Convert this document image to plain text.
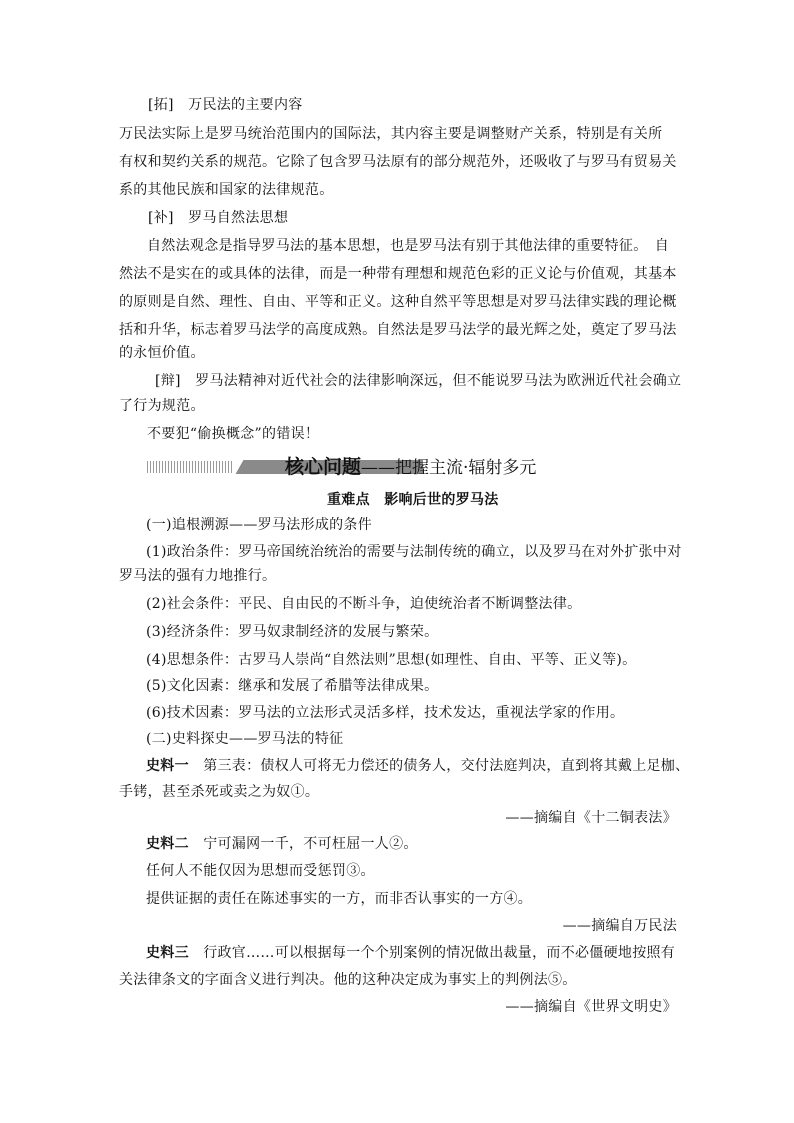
[拓]　 万民法的主要内容

万民法实际上是罗马统治范围内的国际法，其内容主要是调整财产关系，特别是有关所

有权和契约关系的规范。它除了包含罗马法原有的部分规范外，还吸收了与罗马有贸易关

系的其他民族和国家的法律规范。

[补]　 罗马自然法思想

自然法观念是指导罗马法的基本思想，也是罗马法有别于其他法律的重要特征。　自

然法不是实在的或具体的法律，而是一种带有理想和规范色彩的正义论与价值观，其基本

的原则是自然、理性、自由、平等和正义。这种自然平等思想是对罗马法律实践的理论概

括和升华，标志着罗马法学的高度成熟。自然法是罗马法学的最光辉之处，奠定了罗马法

的永恒价值。

[辩]　 罗马法精神对近代社会的法律影响深远，但不能说罗马法为欧洲近代社会确立

了行为规范。

不要犯“偷换概念”的错误！

核心问题——把握主流·辐射多元

重难点　影响后世的罗马法

(一)追根溯源——罗马法形成的条件

(1)政治条件：罗马帝国统治统治的需要与法制传统的确立，以及罗马在对外扩张中对

罗马法的强有力地推行。

(2)社会条件：平民、自由民的不断斗争，迫使统治者不断调整法律。

(3)经济条件：罗马奴隶制经济的发展与繁荣。

(4)思想条件：古罗马人崇尚“自然法则”思想(如理性、自由、平等、正义等)。

(5)文化因素：继承和发展了希腊等法律成果。

(6)技术因素：罗马法的立法形式灵活多样，技术发达，重视法学家的作用。

(二)史料探史——罗马法的特征

史料一　第三表：债权人可将无力偿还的债务人，交付法庭判决，直到将其戴上足枷、

手铐，甚至杀死或卖之为奴①。

——摘编自《十二铜表法》

史料二　宁可漏网一千，不可枉屈一人②。

任何人不能仅因为思想而受惩罚③。

提供证据的责任在陈述事实的一方，而非否认事实的一方④。

——摘编自万民法

史料三　行政官……可以根据每一个个别案例的情况做出裁量，而不必僵硬地按照有

关法律条文的字面含义进行判决。他的这种决定成为事实上的判例法⑤。

——摘编自《世界文明史》
